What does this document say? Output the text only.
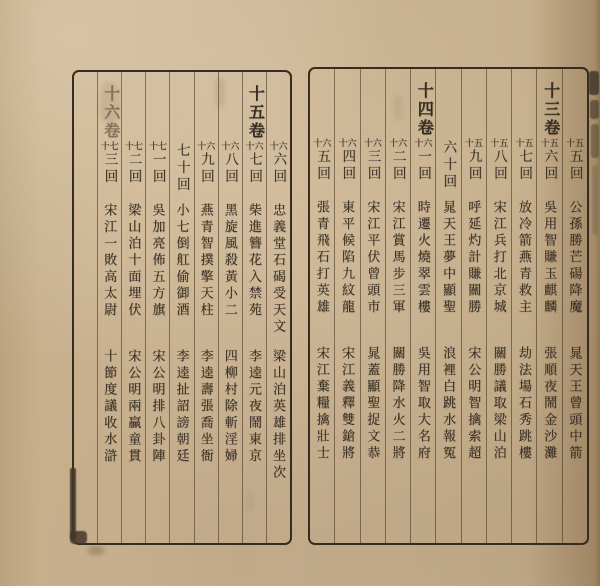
五十
五回
公孫勝芒碭降魔
晁天王曾頭中箭
十三卷
五十
六回
吳用智賺玉麒麟
張順夜鬧金沙灘
五十
七回
放冷箭燕青救主
劫法場石秀跳樓
五十
八回
宋江兵打北京城
關勝議取梁山泊
五十
九回
呼延灼計賺關勝
宋公明智擒索超
六十回
晁天王夢中顯聖
浪裡白跳水報冤
十四卷
六十
一回
時遷火燒翠雲樓
吳用智取大名府
六十
二回
宋江賞馬步三軍
關勝降水火二將
六十
三回
宋江平伏曾頭市
晁蓋顯聖捉文恭
六十
四回
東平候陷九紋龍
宋江義釋雙鎗將
六十
五回
張青飛石打英雄
宋江棄糧擒壯士
六十
六回
忠義堂石碣受天文
梁山泊英雄排坐次
十五卷
六十
七回
柴進簪花入禁苑
李逵元夜鬧東京
六十
八回
黑旋風殺黃小二
四柳村除斬淫婦
六十
九回
燕青智撲擎天柱
李逵壽張喬坐衙
七十回
小七倒舡偷御酒
李逵扯詔謗朝廷
七十
一回
吳加亮佈五方旗
宋公明排八卦陣
七十
二回
梁山泊十面埋伏
宋公明兩贏童貫
十六卷
七十
三回
宋江一敗高太尉
十節度議收水滸
